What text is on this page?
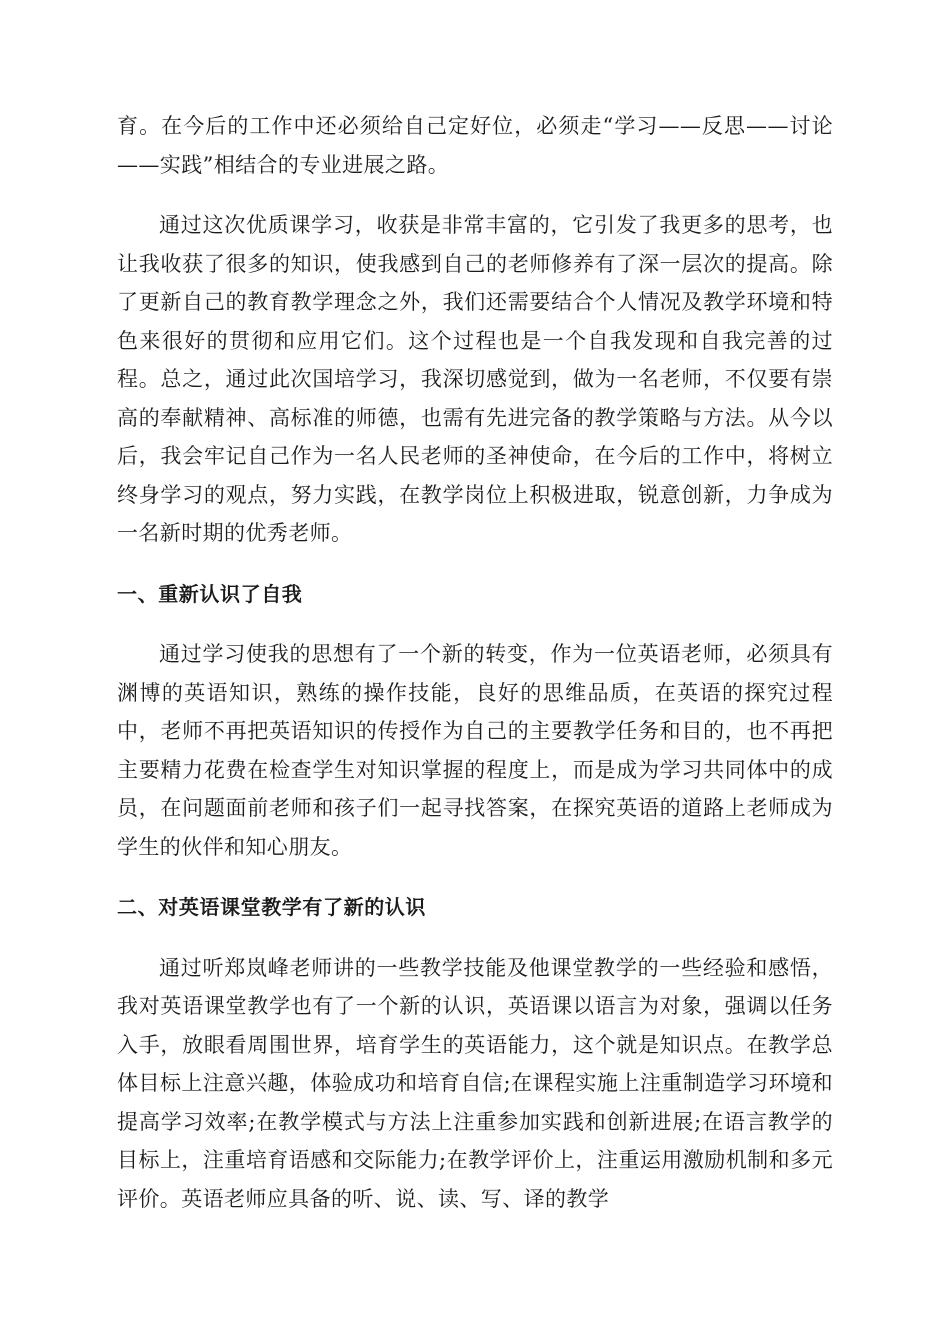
育。在今后的工作中还必须给自己定好位，必须走“学习——反思——讨论——实践”相结合的专业进展之路。

通过这次优质课学习，收获是非常丰富的，它引发了我更多的思考，也让我收获了很多的知识，使我感到自己的老师修养有了深一层次的提高。除了更新自己的教育教学理念之外，我们还需要结合个人情况及教学环境和特色来很好的贯彻和应用它们。这个过程也是一个自我发现和自我完善的过程。总之，通过此次国培学习，我深切感觉到，做为一名老师，不仅要有崇高的奉献精神、高标准的师德，也需有先进完备的教学策略与方法。从今以后，我会牢记自己作为一名人民老师的圣神使命，在今后的工作中，将树立终身学习的观点，努力实践，在教学岗位上积极进取，锐意创新，力争成为一名新时期的优秀老师。

一、重新认识了自我

通过学习使我的思想有了一个新的转变，作为一位英语老师，必须具有渊博的英语知识，熟练的操作技能，良好的思维品质，在英语的探究过程中，老师不再把英语知识的传授作为自己的主要教学任务和目的，也不再把主要精力花费在检查学生对知识掌握的程度上，而是成为学习共同体中的成员，在问题面前老师和孩子们一起寻找答案，在探究英语的道路上老师成为学生的伙伴和知心朋友。

二、对英语课堂教学有了新的认识

通过听郑岚峰老师讲的一些教学技能及他课堂教学的一些经验和感悟，我对英语课堂教学也有了一个新的认识，英语课以语言为对象，强调以任务入手，放眼看周围世界，培育学生的英语能力，这个就是知识点。在教学总体目标上注意兴趣，体验成功和培育自信;在课程实施上注重制造学习环境和提高学习效率;在教学模式与方法上注重参加实践和创新进展;在语言教学的目标上，注重培育语感和交际能力;在教学评价上，注重运用激励机制和多元评价。英语老师应具备的听、说、读、写、译的教学
